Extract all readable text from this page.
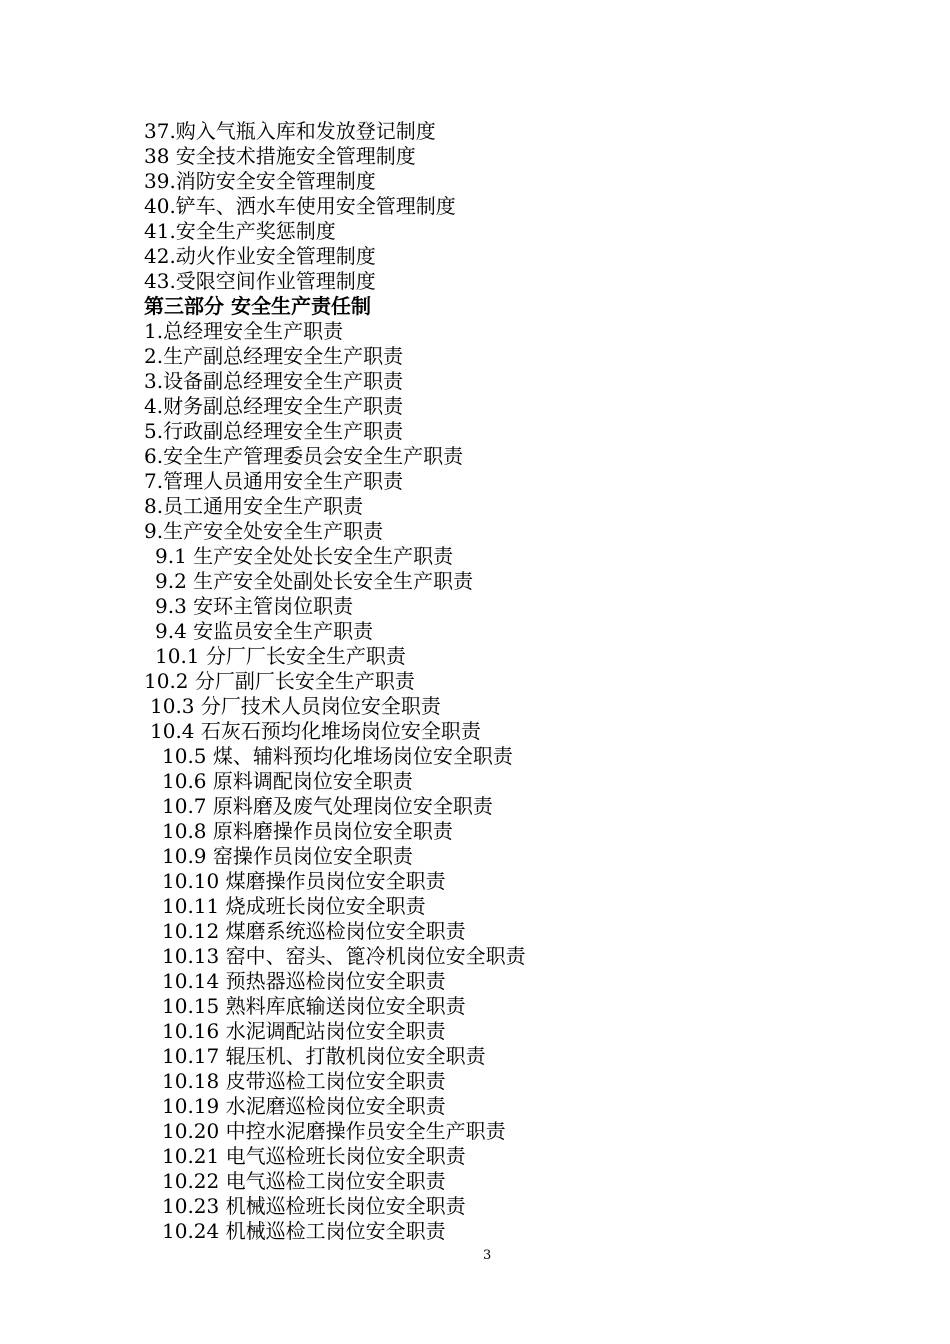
37.购入气瓶入库和发放登记制度
38 安全技术措施安全管理制度
39.消防安全安全管理制度
40.铲车、洒水车使用安全管理制度
41.安全生产奖惩制度
42.动火作业安全管理制度
43.受限空间作业管理制度
第三部分 安全生产责任制
1.总经理安全生产职责
2.生产副总经理安全生产职责
3.设备副总经理安全生产职责
4.财务副总经理安全生产职责
5.行政副总经理安全生产职责
6.安全生产管理委员会安全生产职责
7.管理人员通用安全生产职责
8.员工通用安全生产职责
9.生产安全处安全生产职责
9.1 生产安全处处长安全生产职责
9.2 生产安全处副处长安全生产职责
9.3 安环主管岗位职责
9.4 安监员安全生产职责
10.1 分厂厂长安全生产职责
10.2 分厂副厂长安全生产职责
10.3 分厂技术人员岗位安全职责
10.4 石灰石预均化堆场岗位安全职责
10.5 煤、辅料预均化堆场岗位安全职责
10.6 原料调配岗位安全职责
10.7 原料磨及废气处理岗位安全职责
10.8 原料磨操作员岗位安全职责
10.9 窑操作员岗位安全职责
10.10 煤磨操作员岗位安全职责
10.11 烧成班长岗位安全职责
10.12 煤磨系统巡检岗位安全职责
10.13 窑中、窑头、篦冷机岗位安全职责
10.14 预热器巡检岗位安全职责
10.15 熟料库底输送岗位安全职责
10.16 水泥调配站岗位安全职责
10.17 辊压机、打散机岗位安全职责
10.18 皮带巡检工岗位安全职责
10.19 水泥磨巡检岗位安全职责
10.20 中控水泥磨操作员安全生产职责
10.21 电气巡检班长岗位安全职责
10.22 电气巡检工岗位安全职责
10.23 机械巡检班长岗位安全职责
10.24 机械巡检工岗位安全职责
3
